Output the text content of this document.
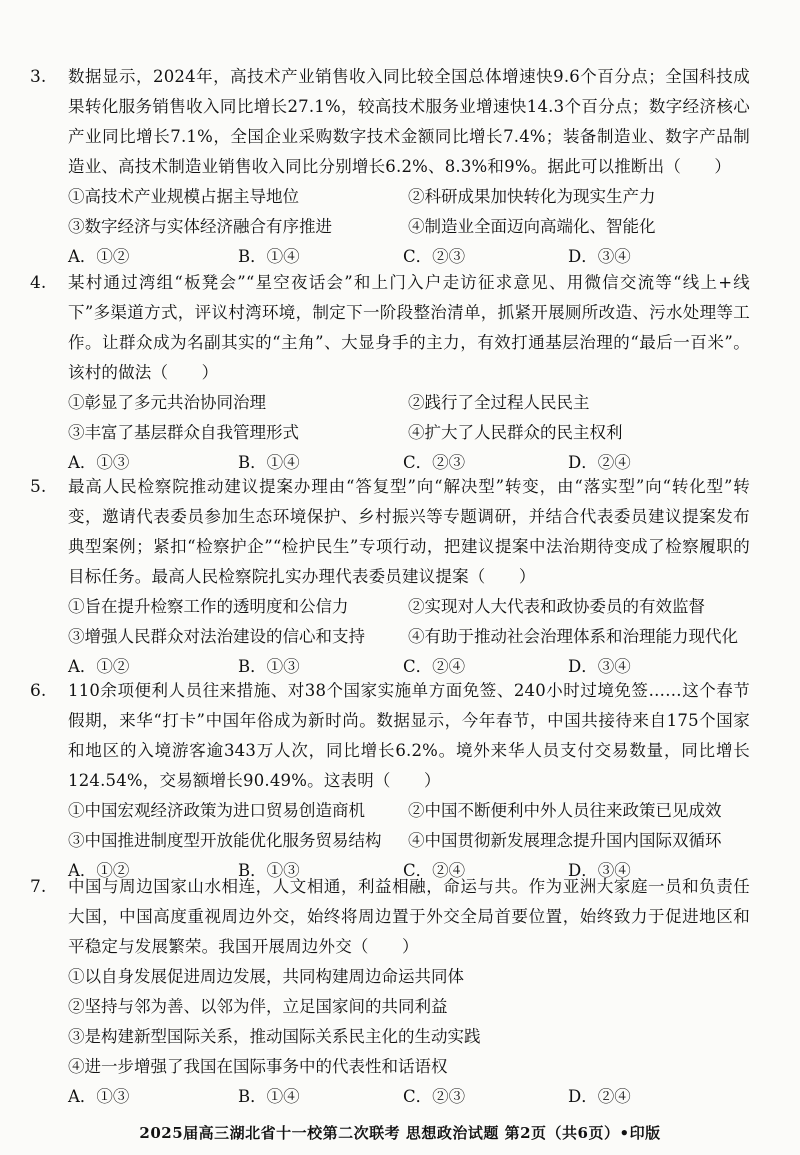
3.	数据显示，2024年，高技术产业销售收入同比较全国总体增速快9.6个百分点；全国科技成果转化服务销售收入同比增长27.1%，较高技术服务业增速快14.3个百分点；数字经济核心产业同比增长7.1%，全国企业采购数字技术金额同比增长7.4%；装备制造业、数字产品制造业、高技术制造业销售收入同比分别增长6.2%、8.3%和9%。据此可以推断出（　　）
①高技术产业规模占据主导地位	②科研成果加快转化为现实生产力
③数字经济与实体经济融合有序推进	④制造业全面迈向高端化、智能化
A．①②	B．①④	C．②③	D．③④
4.	某村通过湾组“板凳会”“星空夜话会”和上门入户走访征求意见、用微信交流等“线上+线下”多渠道方式，评议村湾环境，制定下一阶段整治清单，抓紧开展厕所改造、污水处理等工作。让群众成为名副其实的“主角”、大显身手的主力，有效打通基层治理的“最后一百米”。该村的做法（　　）
①彰显了多元共治协同治理	②践行了全过程人民民主
③丰富了基层群众自我管理形式	④扩大了人民群众的民主权利
A．①③	B．①④	C．②③	D．②④
5.	最高人民检察院推动建议提案办理由“答复型”向“解决型”转变，由“落实型”向“转化型”转变，邀请代表委员参加生态环境保护、乡村振兴等专题调研，并结合代表委员建议提案发布典型案例；紧扣“检察护企”“检护民生”专项行动，把建议提案中法治期待变成了检察履职的目标任务。最高人民检察院扎实办理代表委员建议提案（　　）
①旨在提升检察工作的透明度和公信力	②实现对人大代表和政协委员的有效监督
③增强人民群众对法治建设的信心和支持	④有助于推动社会治理体系和治理能力现代化
A．①②	B．①③	C．②④	D．③④
6.	110余项便利人员往来措施、对38个国家实施单方面免签、240小时过境免签……这个春节假期，来华“打卡”中国年俗成为新时尚。数据显示，今年春节，中国共接待来自175个国家和地区的入境游客逾343万人次，同比增长6.2%。境外来华人员支付交易数量，同比增长124.54%，交易额增长90.49%。这表明（　　）
①中国宏观经济政策为进口贸易创造商机	②中国不断便利中外人员往来政策已见成效
③中国推进制度型开放能优化服务贸易结构	④中国贯彻新发展理念提升国内国际双循环
A．①②	B．①③	C．②④	D．③④
7.	中国与周边国家山水相连，人文相通，利益相融，命运与共。作为亚洲大家庭一员和负责任大国，中国高度重视周边外交，始终将周边置于外交全局首要位置，始终致力于促进地区和平稳定与发展繁荣。我国开展周边外交（　　）
①以自身发展促进周边发展，共同构建周边命运共同体
②坚持与邻为善、以邻为伴，立足国家间的共同利益
③是构建新型国际关系，推动国际关系民主化的生动实践
④进一步增强了我国在国际事务中的代表性和话语权
A．①③	B．①④	C．②③	D．②④
2025届高三湖北省十一校第二次联考 思想政治试题 第2页（共6页）•印版
